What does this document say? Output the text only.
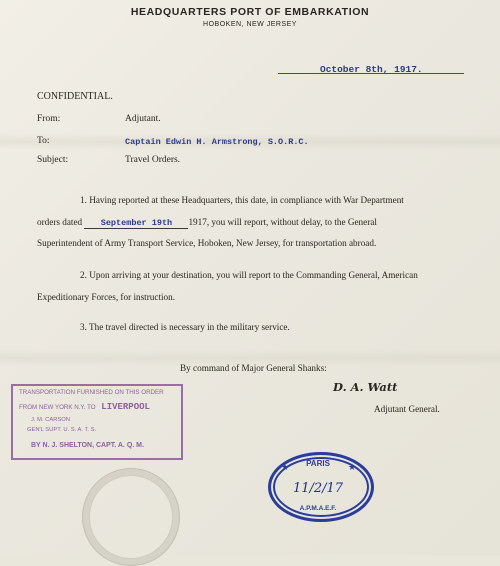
HEADQUARTERS PORT OF EMBARKATION
HOBOKEN, NEW JERSEY
October 8th, 1917.
CONFIDENTIAL.
From:	Adjutant.
To:	Captain Edwin H. Armstrong, S.O.R.C.
Subject:	Travel Orders.
1. Having reported at these Headquarters, this date, in compliance with War Department
orders dated September 19th 1917, you will report, without delay, to the General
Superintendent of Army Transport Service, Hoboken, New Jersey, for transportation abroad.
2. Upon arriving at your destination, you will report to the Commanding General, American
Expeditionary Forces, for instruction.
3. The travel directed is necessary in the military service.
By command of Major General Shanks:
D. A. Watt
Adjutant General.
TRANSPORTATION FURNISHED ON THIS ORDER
FROM NEW YORK N.Y. TO LIVERPOOL
J. M. CARSON
GEN'L SUPT. U. S. A. T. S.
BY N. J. SHELTON, CAPT. A. Q. M.
PARIS
★	★
11/2/17
A.P.M.A.E.F.
